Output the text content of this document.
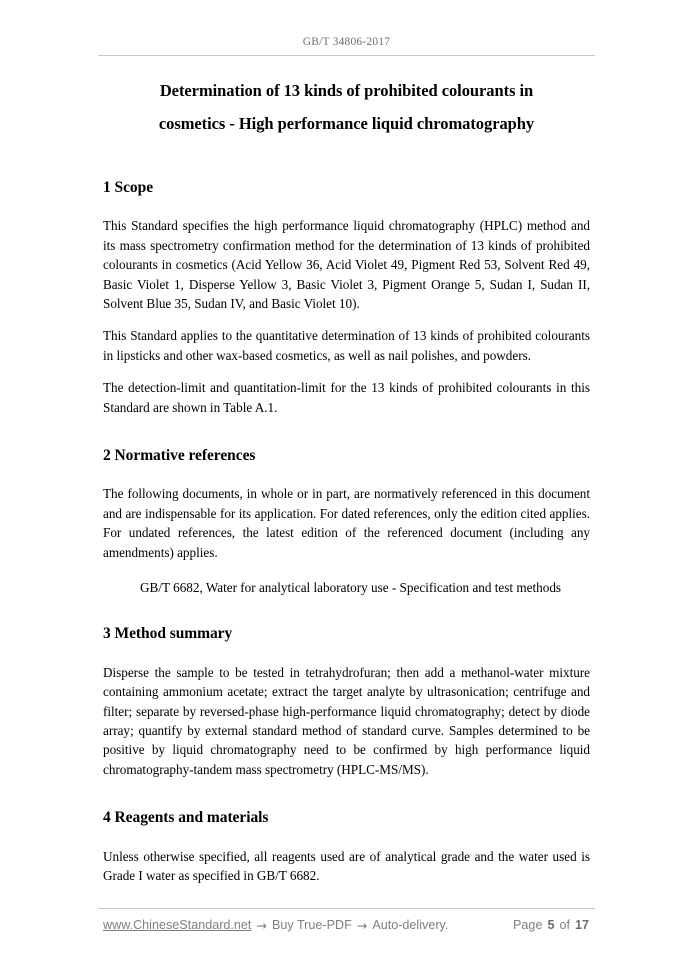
GB/T 34806-2017
Determination of 13 kinds of prohibited colourants in cosmetics - High performance liquid chromatography
1 Scope

This Standard specifies the high performance liquid chromatography (HPLC) method and its mass spectrometry confirmation method for the determination of 13 kinds of prohibited colourants in cosmetics (Acid Yellow 36, Acid Violet 49, Pigment Red 53, Solvent Red 49, Basic Violet 1, Disperse Yellow 3, Basic Violet 3, Pigment Orange 5, Sudan I, Sudan II, Solvent Blue 35, Sudan IV, and Basic Violet 10).

This Standard applies to the quantitative determination of 13 kinds of prohibited colourants in lipsticks and other wax-based cosmetics, as well as nail polishes, and powders.

The detection-limit and quantitation-limit for the 13 kinds of prohibited colourants in this Standard are shown in Table A.1.

2 Normative references

The following documents, in whole or in part, are normatively referenced in this document and are indispensable for its application. For dated references, only the edition cited applies. For undated references, the latest edition of the referenced document (including any amendments) applies.

GB/T 6682, Water for analytical laboratory use - Specification and test methods

3 Method summary

Disperse the sample to be tested in tetrahydrofuran; then add a methanol-water mixture containing ammonium acetate; extract the target analyte by ultrasonication; centrifuge and filter; separate by reversed-phase high-performance liquid chromatography; detect by diode array; quantify by external standard method of standard curve. Samples determined to be positive by liquid chromatography need to be confirmed by high performance liquid chromatography-tandem mass spectrometry (HPLC-MS/MS).

4 Reagents and materials

Unless otherwise specified, all reagents used are of analytical grade and the water used is Grade I water as specified in GB/T 6682.

www.ChineseStandard.net → Buy True-PDF → Auto-delivery.	Page 5 of 17
